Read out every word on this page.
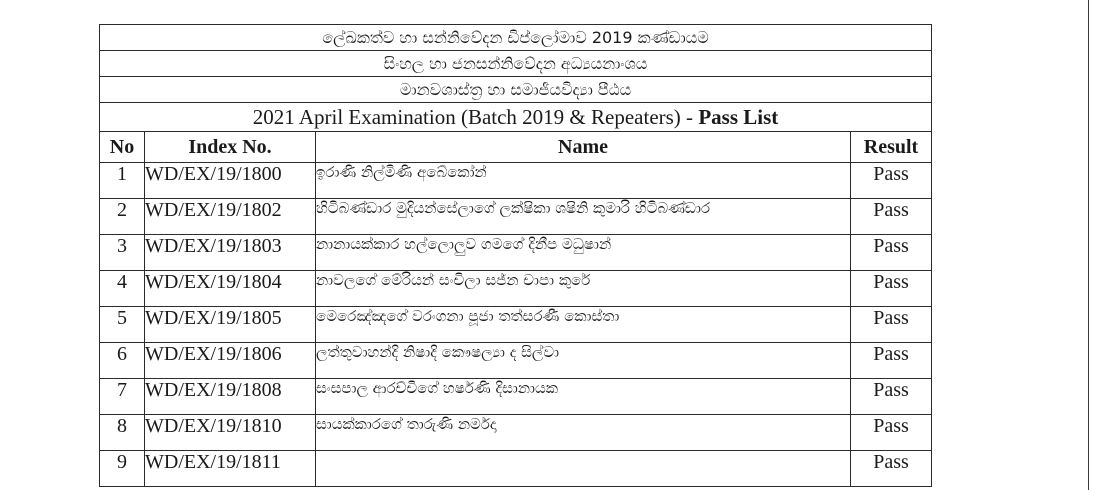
ලේඛකත්ව හා සන්නිවේදන ඩිප්ලෝමාව 2019 කණ්ඩායම			
සිංහල හා ජනසන්නිවේදන අධ්‍යයනාංශය			
මානවශාස්ත්‍ර හා සමාජීයවිද්‍යා පීඨය			
2021 April Examination (Batch 2019 & Repeaters) - Pass List			
No	Index No.	Name	Result
1	WD/EX/19/1800	ඉරාණි නිල්මිණි අබේකෝන්	Pass
2	WD/EX/19/1802	හිටිබණ්ඩාර මුදියන්සේලාගේ ලක්ෂිකා ශෂිනි කුමාරි හිටිබණ්ඩාර	Pass
3	WD/EX/19/1803	නානායක්කාර හල්ලොලුව ගමගේ දිනීප මධුෂාන්	Pass
4	WD/EX/19/1804	නාවලගේ මේරියන් සංචිලා සජ්න චාපා කුරේ	Pass
5	WD/EX/19/1805	මෙරෙඤ්ඤගේ වරංගනා පූජා තත්සරණී කොස්තා	Pass
6	WD/EX/19/1806	ලත්තුවාහන්දි නිෂාදි කෞෂල්‍යා ද සිල්වා	Pass
7	WD/EX/19/1808	සංසපාල ආරච්චිගේ හර්ෂණි දිසානායක	Pass
8	WD/EX/19/1810	සායක්කාරගේ තාරුණි නර්මදා	Pass
9	WD/EX/19/1811		Pass
